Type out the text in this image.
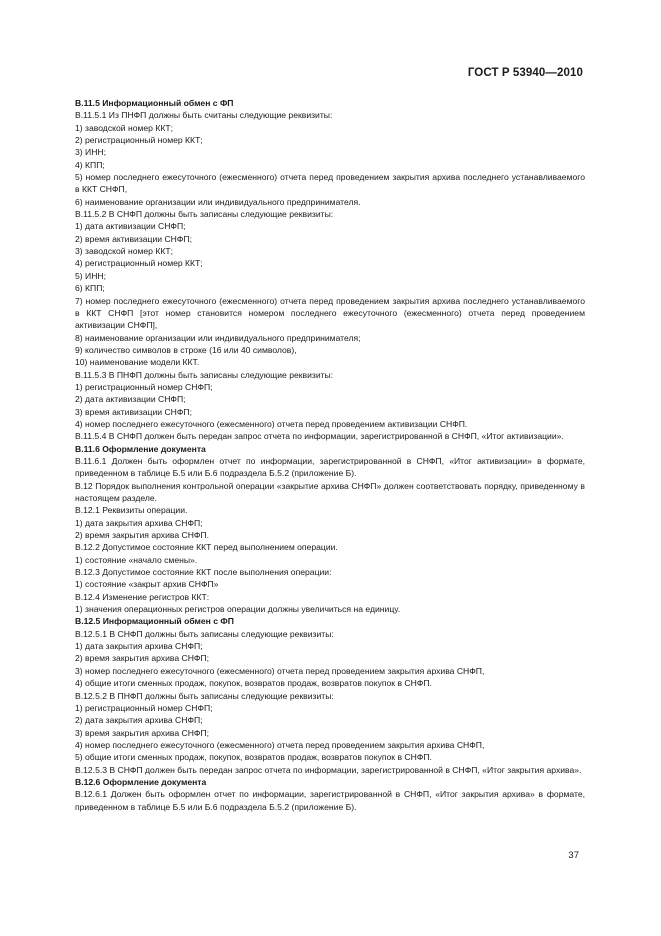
ГОСТ Р 53940—2010

В.11.5 Информационный обмен с ФП

В.11.5.1 Из ПНФП должны быть считаны следующие реквизиты:

1) заводской номер ККТ;

2) регистрационный номер ККТ;

3) ИНН;

4) КПП;

5) номер последнего ежесуточного (ежесменного) отчета перед проведением закрытия архива последнего устанавливаемого в ККТ СНФП,

6) наименование организации или индивидуального предпринимателя.

В.11.5.2 В СНФП должны быть записаны следующие реквизиты:

1) дата активизации СНФП;

2) время активизации СНФП;

3) заводской номер ККТ;

4) регистрационный номер ККТ;

5) ИНН;

6) КПП;

7) номер последнего ежесуточного (ежесменного) отчета перед проведением закрытия архива последнего устанавливаемого в ККТ СНФП [этот номер становится номером последнего ежесуточного (ежесменного) отчета перед проведением активизации СНФП],

8) наименование организации или индивидуального предпринимателя;

9) количество символов в строке (16 или 40 символов),

10) наименование модели ККТ.

В.11.5.3 В ПНФП должны быть записаны следующие реквизиты:

1) регистрационный номер СНФП;

2) дата активизации СНФП;

3) время активизации СНФП;

4) номер последнего ежесуточного (ежесменного) отчета перед проведением активизации СНФП.

В.11.5.4 В СНФП должен быть передан запрос отчета по информации, зарегистрированной в СНФП, «Итог активизации».

В.11.6 Оформление документа

В.11.6.1 Должен быть оформлен отчет по информации, зарегистрированной в СНФП, «Итог активизации» в формате, приведенном в таблице Б.5 или Б.6 подраздела Б.5.2 (приложение Б).

В.12 Порядок выполнения контрольной операции «закрытие архива СНФП» должен соответствовать порядку, приведенному в настоящем разделе.

В.12.1 Реквизиты операции.

1) дата закрытия архива СНФП;

2) время закрытия архива СНФП.

В.12.2 Допустимое состояние ККТ перед выполнением операции.

1) состояние «начало смены».

В.12.3 Допустимое состояние ККТ после выполнения операции:

1) состояние «закрыт архив СНФП»

В.12.4 Изменение регистров ККТ:

1) значения операционных регистров операции должны увеличиться на единицу.

В.12.5 Информационный обмен с ФП

В.12.5.1 В СНФП должны быть записаны следующие реквизиты:

1) дата закрытия архива СНФП;

2) время закрытия архива СНФП;

3) номер последнего ежесуточного (ежесменного) отчета перед проведением закрытия архива СНФП,

4) общие итоги сменных продаж, покупок, возвратов продаж, возвратов покупок в СНФП.

В.12.5.2 В ПНФП должны быть записаны следующие реквизиты:

1) регистрационный номер СНФП;

2) дата закрытия архива СНФП;

3) время закрытия архива СНФП;

4) номер последнего ежесуточного (ежесменного) отчета перед проведением закрытия архива СНФП,

5) общие итоги сменных продаж, покупок, возвратов продаж, возвратов покупок в СНФП.

В.12.5.3 В СНФП должен быть передан запрос отчета по информации, зарегистрированной в СНФП, «Итог закрытия архива».

В.12.6 Оформление документа

В.12.6.1 Должен быть оформлен отчет по информации, зарегистрированной в СНФП, «Итог закрытия архива» в формате, приведенном в таблице Б.5 или Б.6 подраздела Б.5.2 (приложение Б).

37
